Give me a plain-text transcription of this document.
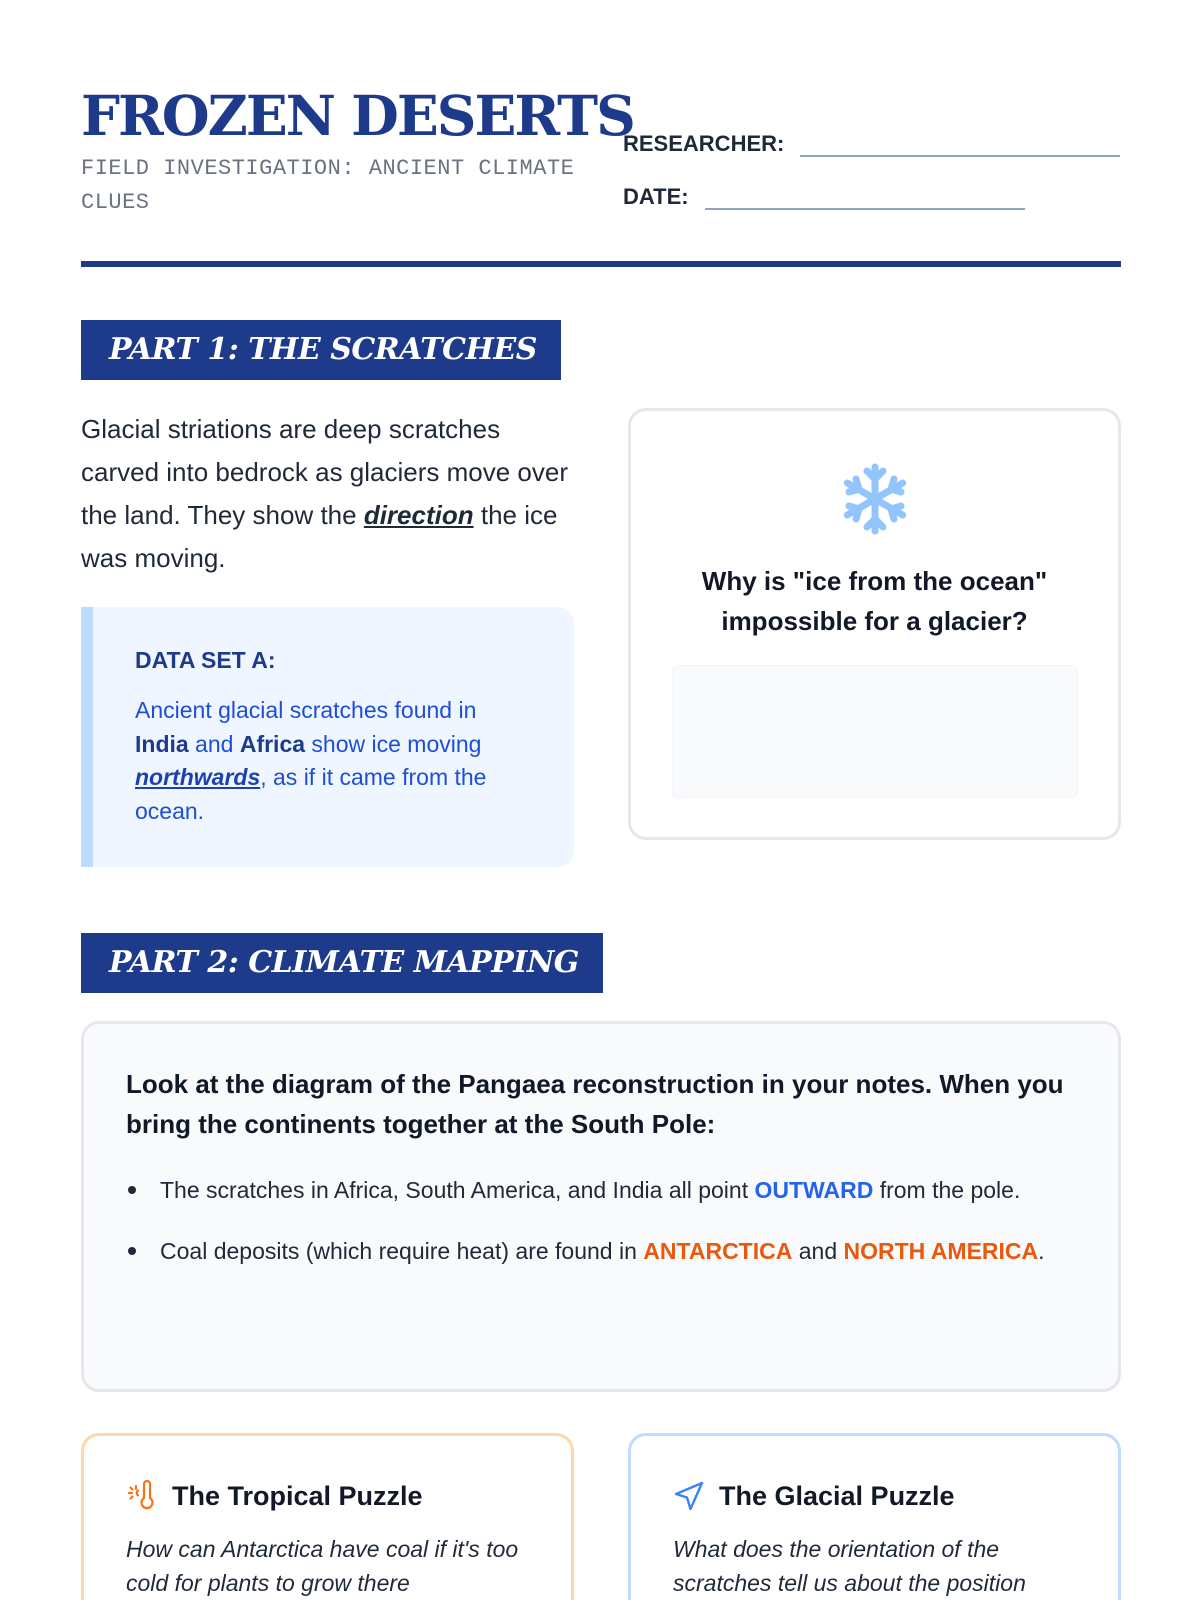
FROZEN DESERTS
FIELD INVESTIGATION: ANCIENT CLIMATE CLUES
RESEARCHER:
DATE:
PART 1: THE SCRATCHES

Glacial striations are deep scratches carved into bedrock as glaciers move over the land. They show the direction the ice was moving.

DATA SET A:

Ancient glacial scratches found in India and Africa show ice moving northwards, as if it came from the ocean.

Why is "ice from the ocean" impossible for a glacier?
PART 2: CLIMATE MAPPING

Look at the diagram of the Pangaea reconstruction in your notes. When you bring the continents together at the South Pole:

The scratches in Africa, South America, and India all point OUTWARD from the pole.
Coal deposits (which require heat) are found in ANTARCTICA and NORTH AMERICA.
The Tropical Puzzle

How can Antarctica have coal if it's too cold for plants to grow there

The Glacial Puzzle

What does the orientation of the scratches tell us about the position
